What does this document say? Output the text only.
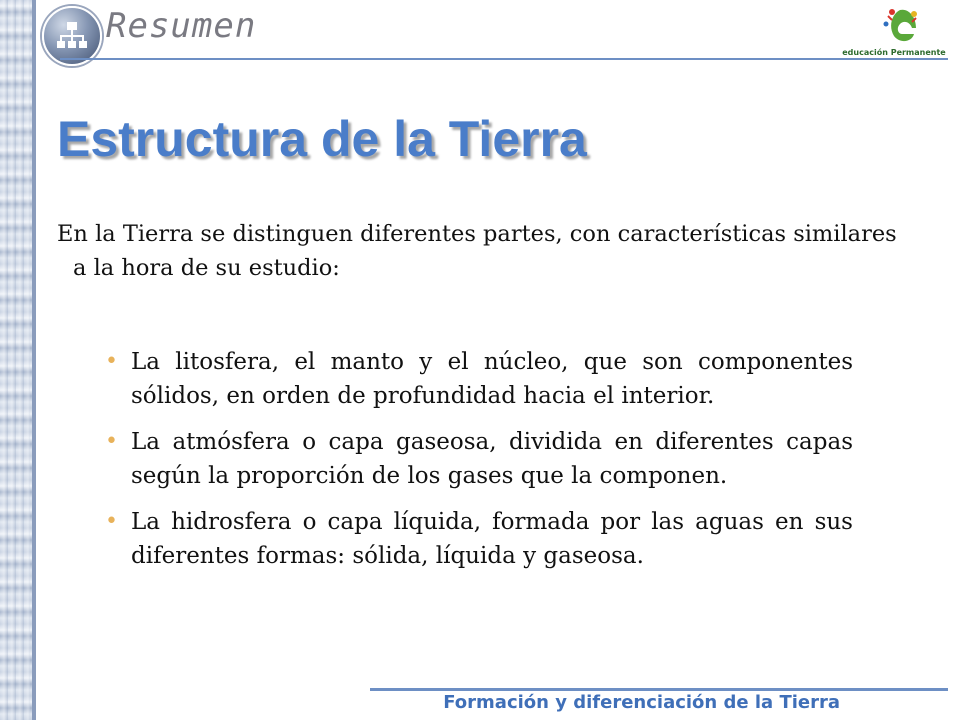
Resumen
educación Permanente
Estructura de la Tierra
En la Tierra se distinguen diferentes partes, con características similares a la hora de su estudio:
• La litosfera, el manto y el núcleo, que son componentes sólidos, en orden de profundidad hacia el interior.
• La atmósfera o capa gaseosa, dividida en diferentes capas según la proporción de los gases que la componen.
• La hidrosfera o capa líquida, formada por las aguas en sus diferentes formas: sólida, líquida y gaseosa.
Formación y diferenciación de la Tierra
